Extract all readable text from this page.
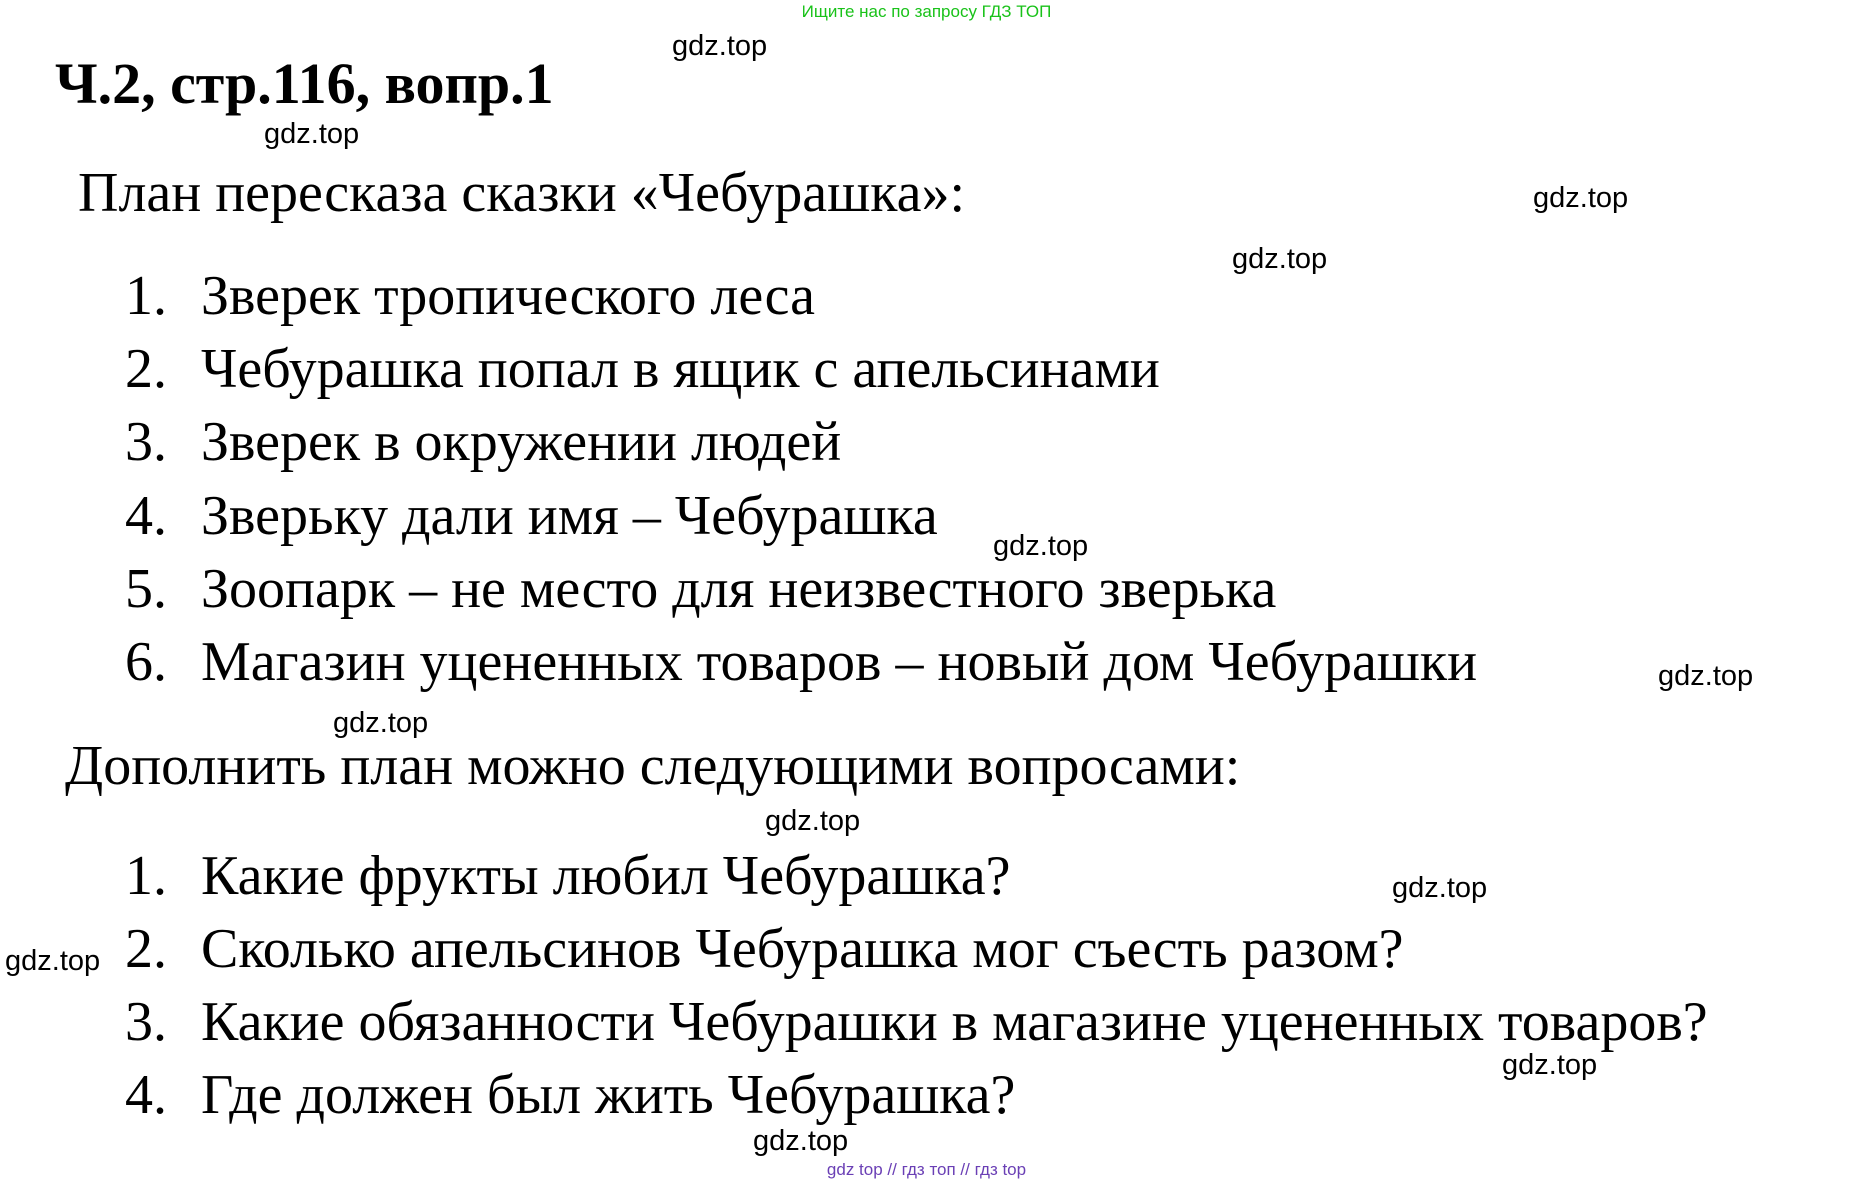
Ищите нас по запросу ГДЗ ТОП
Ч.2, стр.116, вопр.1

План пересказа сказки «Чебурашка»:

1. Зверек тропического леса
2. Чебурашка попал в ящик с апельсинами
3. Зверек в окружении людей
4. Зверьку дали имя – Чебурашка
5. Зоопарк – не место для неизвестного зверька
6. Магазин уцененных товаров – новый дом Чебурашки

Дополнить план можно следующими вопросами:

1. Какие фрукты любил Чебурашка?
2. Сколько апельсинов Чебурашка мог съесть разом?
3. Какие обязанности Чебурашки в магазине уцененных товаров?
4. Где должен был жить Чебурашка?
gdz.top
gdz.top
gdz.top
gdz.top
gdz.top
gdz.top
gdz.top
gdz.top
gdz.top
gdz.top
gdz.top
gdz.top
gdz top // гдз топ // гдз top
